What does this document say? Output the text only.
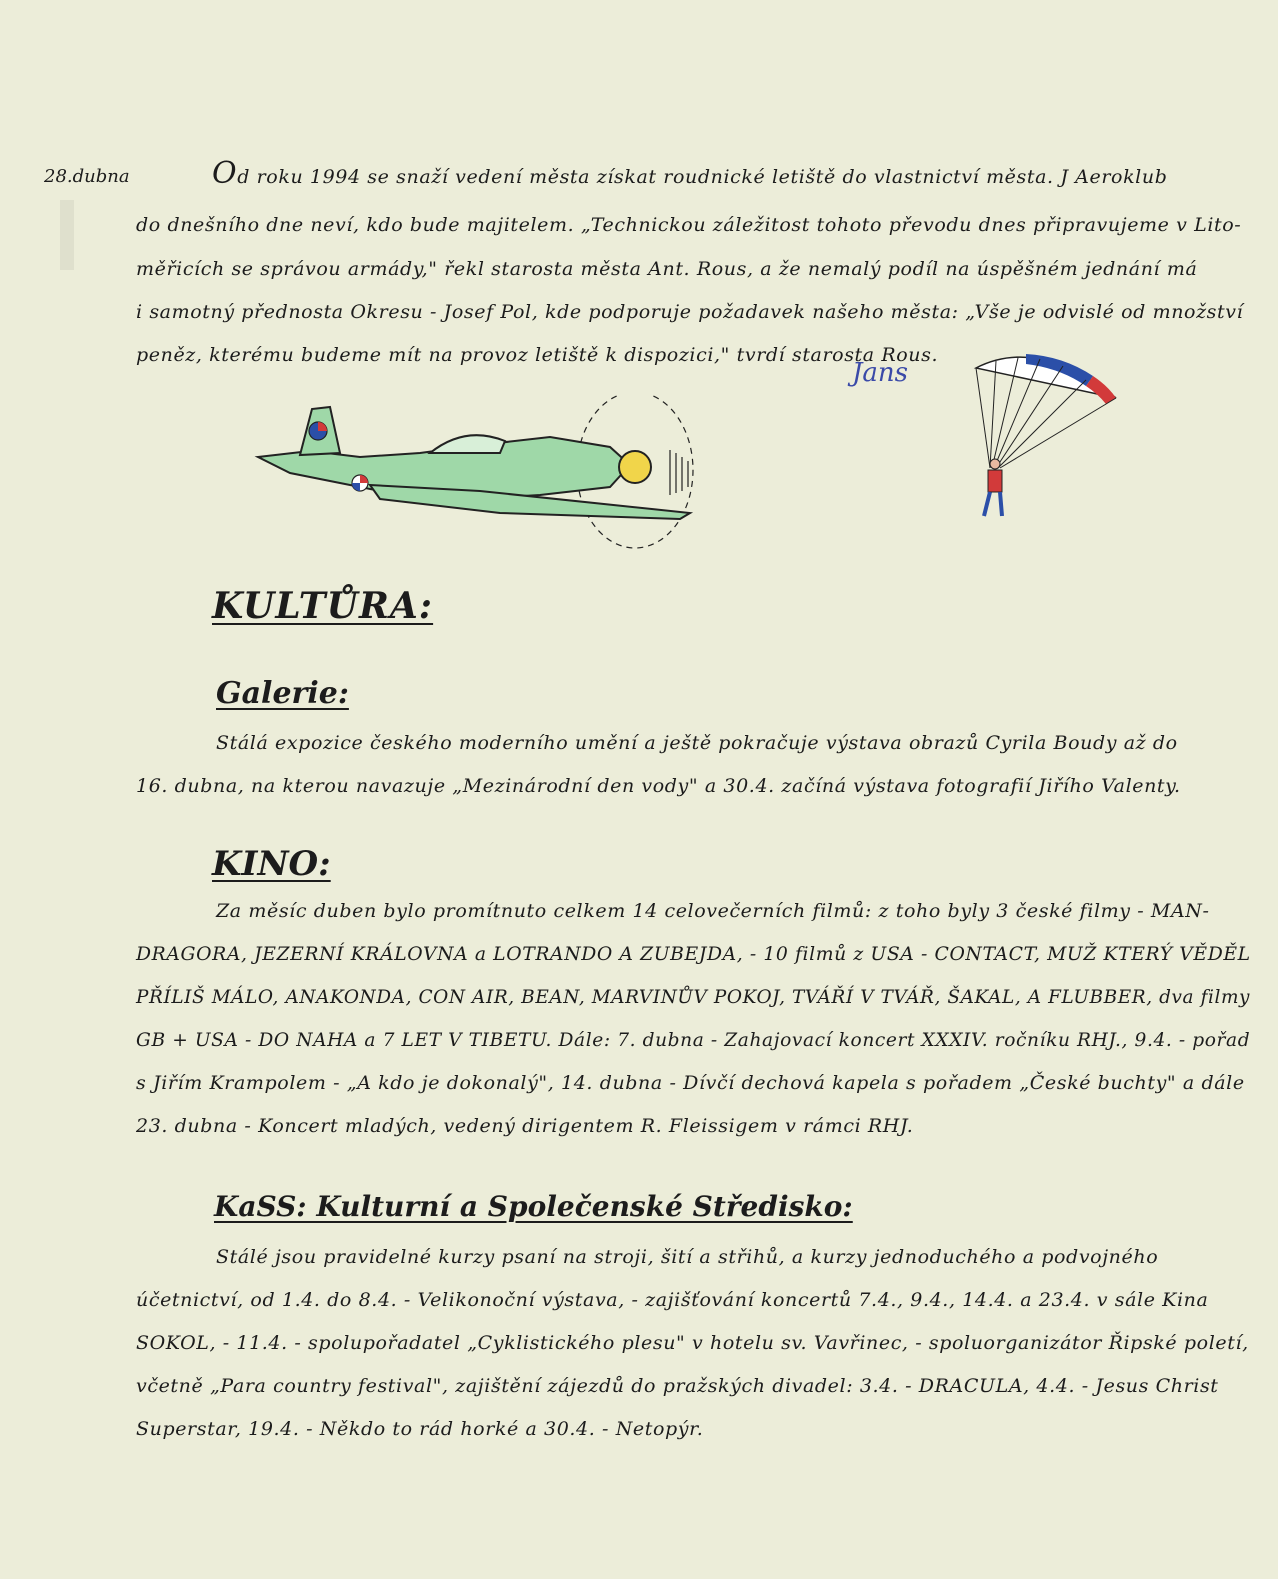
28.dubna	Od roku 1994 se snaží vedení města získat roudnické letiště do vlastnictví města. J Aeroklub
do dnešního dne neví, kdo bude majitelem. „Technickou záležitost tohoto převodu dnes připravujeme v Lito-
měřicích se správou armády," řekl starosta města Ant. Rous, a že nemalý podíl na úspěšném jednání má
i samotný přednosta Okresu - Josef Pol, kde podporuje požadavek našeho města: „Vše je odvislé od množství
peněz, kterému budeme mít na provoz letiště k dispozici," tvrdí starosta Rous.
Jans
KULTŮRA:
Galerie:
Stálá expozice českého moderního umění a ještě pokračuje výstava obrazů Cyrila Boudy až do
16. dubna, na kterou navazuje „Mezinárodní den vody" a 30.4. začíná výstava fotografií Jiřího Valenty.
KINO:
Za měsíc duben bylo promítnuto celkem 14 celovečerních filmů: z toho byly 3 české filmy - MAN-
DRAGORA, JEZERNÍ KRÁLOVNA a LOTRANDO A ZUBEJDA, - 10 filmů z USA - CONTACT, MUŽ KTERÝ VĚDĚL
PŘÍLIŠ MÁLO, ANAKONDA, CON AIR, BEAN, MARVINŮV POKOJ, TVÁŘÍ V TVÁŘ, ŠAKAL, A FLUBBER, dva filmy
GB + USA - DO NAHA a 7 LET V TIBETU. Dále: 7. dubna - Zahajovací koncert XXXIV. ročníku RHJ., 9.4. - pořad
s Jiřím Krampolem - „A kdo je dokonalý", 14. dubna - Dívčí dechová kapela s pořadem „České buchty" a dále
23. dubna - Koncert mladých, vedený dirigentem R. Fleissigem v rámci RHJ.
KaSS: Kulturní a Společenské Středisko:
Stálé jsou pravidelné kurzy psaní na stroji, šití a střihů, a kurzy jednoduchého a podvojného
účetnictví, od 1.4. do 8.4. - Velikonoční výstava, - zajišťování koncertů 7.4., 9.4., 14.4. a 23.4. v sále Kina
SOKOL, - 11.4. - spolupořadatel „Cyklistického plesu" v hotelu sv. Vavřinec, - spoluorganizátor Řipské poletí,
včetně „Para country festival", zajištění zájezdů do pražských divadel: 3.4. - DRACULA, 4.4. - Jesus Christ
Superstar, 19.4. - Někdo to rád horké a 30.4. - Netopýr.
